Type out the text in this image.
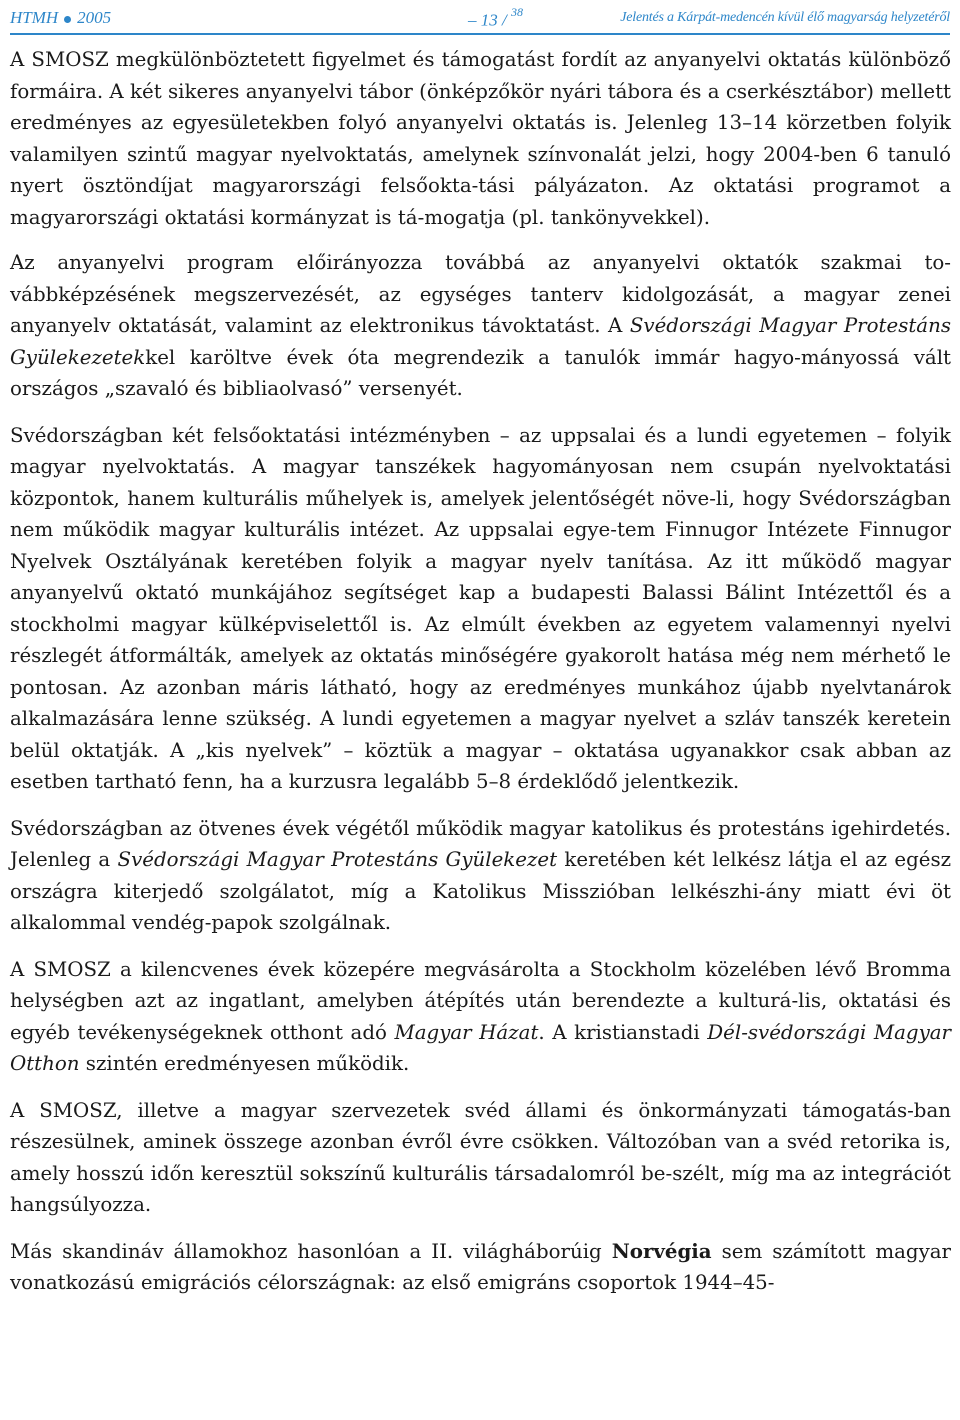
HTMH 2005	– 13 / $^{38}$	Jelentés a Kárpát-medencén kívül élő magyarság helyzetéről

A SMOSZ megkülönböztetett figyelmet és támogatást fordít az anyanyelvi oktatás különböző formáira. A két sikeres anyanyelvi tábor (önképzőkör nyári tábora és a cserkésztábor) mellett eredményes az egyesületekben folyó anyanyelvi oktatás is. Jelenleg 13–14 körzetben folyik valamilyen szintű magyar nyelvoktatás, amelynek színvonalát jelzi, hogy 2004-ben 6 tanuló nyert ösztöndíjat magyarországi felsőokta-tási pályázaton. Az oktatási programot a magyarországi oktatási kormányzat is tá-mogatja (pl. tankönyvekkel).

Az anyanyelvi program előirányozza továbbá az anyanyelvi oktatók szakmai to-vábbképzésének megszervezését, az egységes tanterv kidolgozását, a magyar zenei anyanyelv oktatását, valamint az elektronikus távoktatást. A Svédországi Magyar Protestáns Gyülekezetekkel karöltve évek óta megrendezik a tanulók immár hagyo-mányossá vált országos „szavaló és bibliaolvasó” versenyét.

Svédországban két felsőoktatási intézményben – az uppsalai és a lundi egyetemen – folyik magyar nyelvoktatás. A magyar tanszékek hagyományosan nem csupán nyelvoktatási központok, hanem kulturális műhelyek is, amelyek jelentőségét növe-li, hogy Svédországban nem működik magyar kulturális intézet. Az uppsalai egye-tem Finnugor Intézete Finnugor Nyelvek Osztályának keretében folyik a magyar nyelv tanítása. Az itt működő magyar anyanyelvű oktató munkájához segítséget kap a budapesti Balassi Bálint Intézettől és a stockholmi magyar külképviselettől is. Az elmúlt években az egyetem valamennyi nyelvi részlegét átformálták, amelyek az oktatás minőségére gyakorolt hatása még nem mérhető le pontosan. Az azonban máris látható, hogy az eredményes munkához újabb nyelvtanárok alkalmazására lenne szükség. A lundi egyetemen a magyar nyelvet a szláv tanszék keretein belül oktatják. A „kis nyelvek” – köztük a magyar – oktatása ugyanakkor csak abban az esetben tartható fenn, ha a kurzusra legalább 5–8 érdeklődő jelentkezik.

Svédországban az ötvenes évek végétől működik magyar katolikus és protestáns igehirdetés. Jelenleg a Svédországi Magyar Protestáns Gyülekezet keretében két lelkész látja el az egész országra kiterjedő szolgálatot, míg a Katolikus Misszióban lelkészhi-ány miatt évi öt alkalommal vendég-papok szolgálnak.

A SMOSZ a kilencvenes évek közepére megvásárolta a Stockholm közelében lévő Bromma helységben azt az ingatlant, amelyben átépítés után berendezte a kulturá-lis, oktatási és egyéb tevékenységeknek otthont adó Magyar Házat. A kristianstadi Dél-svédországi Magyar Otthon szintén eredményesen működik.

A SMOSZ, illetve a magyar szervezetek svéd állami és önkormányzati támogatás-ban részesülnek, aminek összege azonban évről évre csökken. Változóban van a svéd retorika is, amely hosszú időn keresztül sokszínű kulturális társadalomról be-szélt, míg ma az integrációt hangsúlyozza.

Más skandináv államokhoz hasonlóan a II. világháborúig Norvégia sem számított magyar vonatkozású emigrációs célországnak: az első emigráns csoportok 1944–45-
